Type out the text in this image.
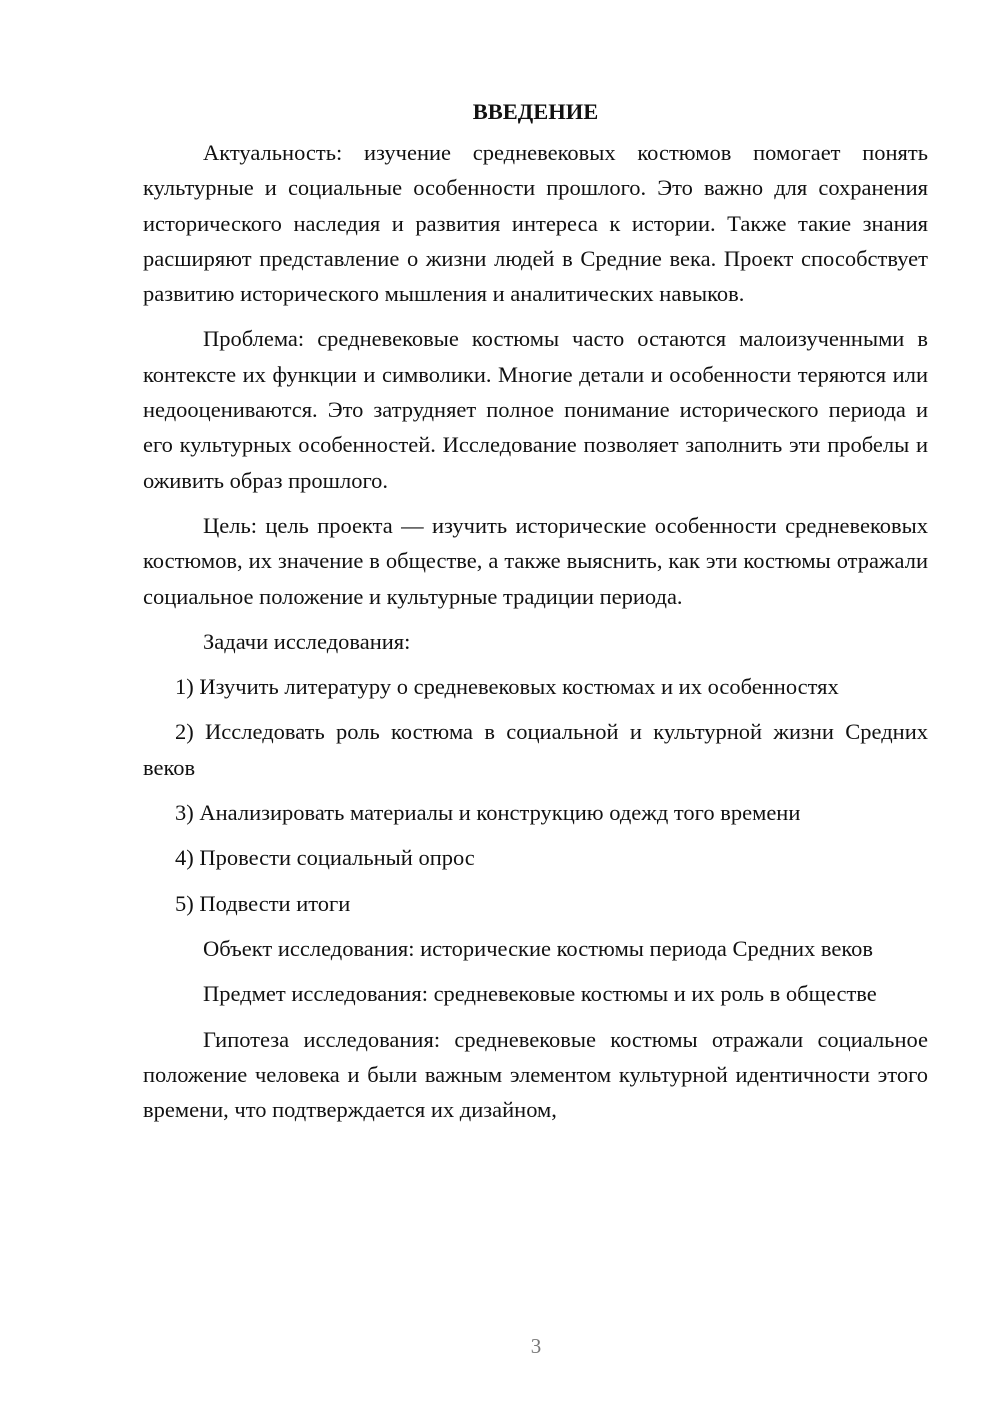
ВВЕДЕНИЕ

Актуальность: изучение средневековых костюмов помогает понять культурные и социальные особенности прошлого. Это важно для сохранения исторического наследия и развития интереса к истории. Также такие знания расширяют представление о жизни людей в Средние века. Проект способствует развитию исторического мышления и аналитических навыков.

Проблема: средневековые костюмы часто остаются малоизученными в контексте их функции и символики. Многие детали и особенности теряются или недооцениваются. Это затрудняет полное понимание исторического периода и его культурных особенностей. Исследование позволяет заполнить эти пробелы и оживить образ прошлого.

Цель: цель проекта — изучить исторические особенности средневековых костюмов, их значение в обществе, а также выяснить, как эти костюмы отражали социальное положение и культурные традиции периода.

Задачи исследования:

1) Изучить литературу о средневековых костюмах и их особенностях

2) Исследовать роль костюма в социальной и культурной жизни Средних веков

3) Анализировать материалы и конструкцию одежд того времени

4) Провести социальный опрос

5) Подвести итоги

Объект исследования: исторические костюмы периода Средних веков

Предмет исследования: средневековые костюмы и их роль в обществе

Гипотеза исследования: средневековые костюмы отражали социальное положение человека и были важным элементом культурной идентичности этого времени, что подтверждается их дизайном,

3
